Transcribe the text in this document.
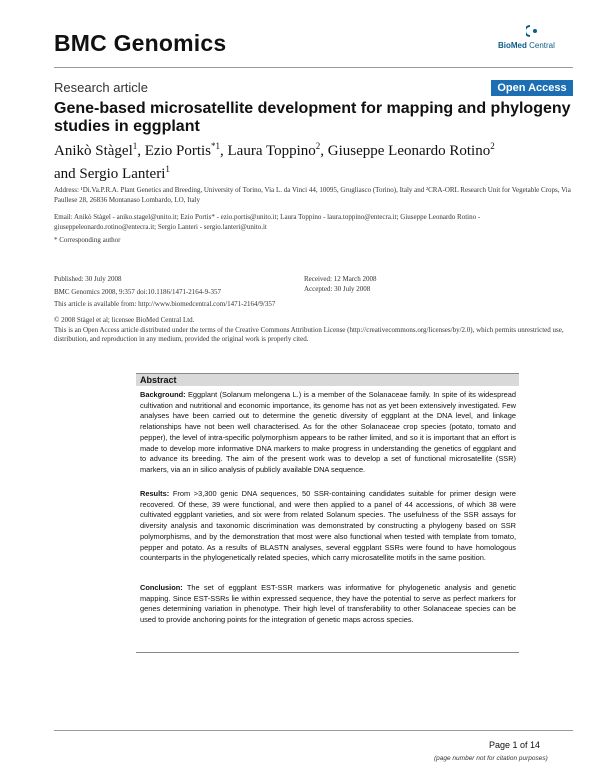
BMC Genomics	BioMed Central
Research article	Open Access
Gene-based microsatellite development for mapping and phylogeny studies in eggplant
Anikò Stàgel$^1$, Ezio Portis$^{*1}$, Laura Toppino$^2$, Giuseppe Leonardo Rotino$^2$
and Sergio Lanteri$^1$
Address: ¹Di.Va.P.R.A. Plant Genetics and Breeding, University of Torino, Via L. da Vinci 44, 10095, Grugliasco (Torino), Italy and ²CRA-ORL Research Unit for Vegetable Crops, Via Paullese 28, 26836 Montanaso Lombardo, LO, Italy
Email: Anikò Stàgel - aniko.stagel@unito.it; Ezio Portis* - ezio.portis@unito.it; Laura Toppino - laura.toppino@entecra.it; Giuseppe Leonardo Rotino - giuseppeleonardo.rotino@entecra.it; Sergio Lanteri - sergio.lanteri@unito.it
* Corresponding author
Published: 30 July 2008
BMC Genomics 2008, 9:357 doi:10.1186/1471-2164-9-357
Received: 12 March 2008
Accepted: 30 July 2008
This article is available from: http://www.biomedcentral.com/1471-2164/9/357
© 2008 Stàgel et al; licensee BioMed Central Ltd.
This is an Open Access article distributed under the terms of the Creative Commons Attribution License (http://creativecommons.org/licenses/by/2.0), which permits unrestricted use, distribution, and reproduction in any medium, provided the original work is properly cited.
Abstract
Background: Eggplant (Solanum melongena L.) is a member of the Solanaceae family. In spite of its widespread cultivation and nutritional and economic importance, its genome has not as yet been extensively investigated. Few analyses have been carried out to determine the genetic diversity of eggplant at the DNA level, and linkage relationships have not been well characterised. As for the other Solanaceae crop species (potato, tomato and pepper), the level of intra-specific polymorphism appears to be rather limited, and so it is important that an effort is made to develop more informative DNA markers to make progress in understanding the genetics of eggplant and to advance its breeding. The aim of the present work was to develop a set of functional microsatellite (SSR) markers, via an in silico analysis of publicly available DNA sequence.
Results: From >3,300 genic DNA sequences, 50 SSR-containing candidates suitable for primer design were recovered. Of these, 39 were functional, and were then applied to a panel of 44 accessions, of which 38 were cultivated eggplant varieties, and six were from related Solanum species. The usefulness of the SSR assays for diversity analysis and taxonomic discrimination was demonstrated by constructing a phylogeny based on SSR polymorphisms, and by the demonstration that most were also functional when tested with template from tomato, pepper and potato. As a results of BLASTN analyses, several eggplant SSRs were found to have homologous counterparts in the phylogenetically related species, which carry microsatellite motifs in the same position.
Conclusion: The set of eggplant EST-SSR markers was informative for phylogenetic analysis and genetic mapping. Since EST-SSRs lie within expressed sequence, they have the potential to serve as perfect markers for genes determining variation in phenotype. Their high level of transferability to other Solanaceae species can be used to provide anchoring points for the integration of genetic maps across species.
Page 1 of 14
(page number not for citation purposes)
